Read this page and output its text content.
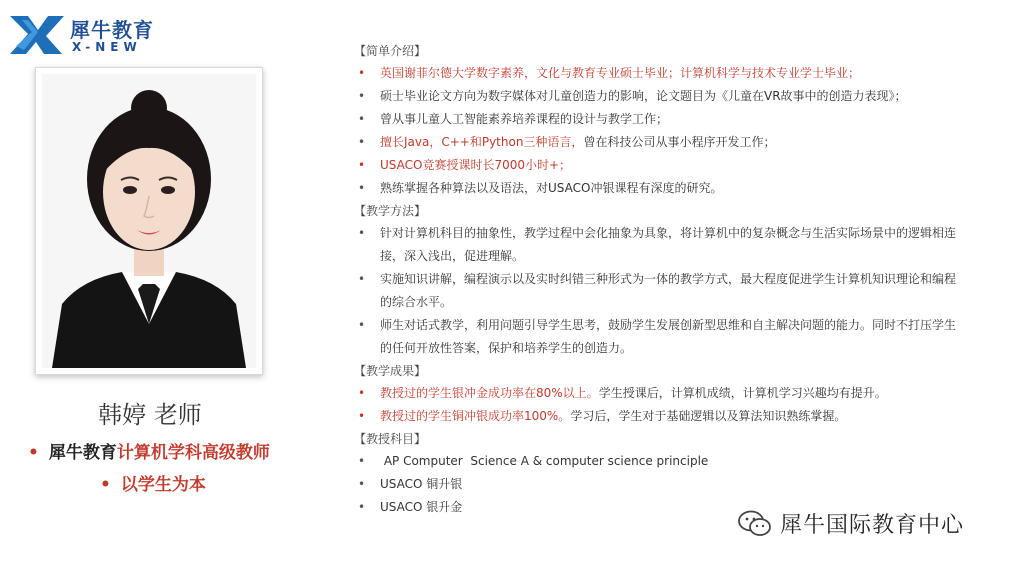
犀牛教育
X-NEW
韩婷 老师
• 犀牛教育计算机学科高级教师
• 以学生为本
【简单介绍】
• 英国谢菲尔德大学数字素养，文化与教育专业硕士毕业；计算机科学与技术专业学士毕业；
• 硕士毕业论文方向为数字媒体对儿童创造力的影响，论文题目为《儿童在VR故事中的创造力表现》；
• 曾从事儿童人工智能素养培养课程的设计与教学工作；
• 擅长Java，C++和Python三种语言，曾在科技公司从事小程序开发工作；
• USACO竞赛授课时长7000小时+；
• 熟练掌握各种算法以及语法，对USACO冲银课程有深度的研究。
【教学方法】
• 针对计算机科目的抽象性，教学过程中会化抽象为具象，将计算机中的复杂概念与生活实际场景中的逻辑相连接，深入浅出，促进理解。
• 实施知识讲解，编程演示以及实时纠错三种形式为一体的教学方式，最大程度促进学生计算机知识理论和编程的综合水平。
• 师生对话式教学，利用问题引导学生思考，鼓励学生发展创新型思维和自主解决问题的能力。同时不打压学生的任何开放性答案，保护和培养学生的创造力。
【教学成果】
• 教授过的学生银冲金成功率在80%以上。学生授课后，计算机成绩，计算机学习兴趣均有提升。
• 教授过的学生铜冲银成功率100%。学习后，学生对于基础逻辑以及算法知识熟练掌握。
【教授科目】
•  AP Computer  Science A & computer science principle
• USACO 铜升银
• USACO 银升金
犀牛国际教育中心
